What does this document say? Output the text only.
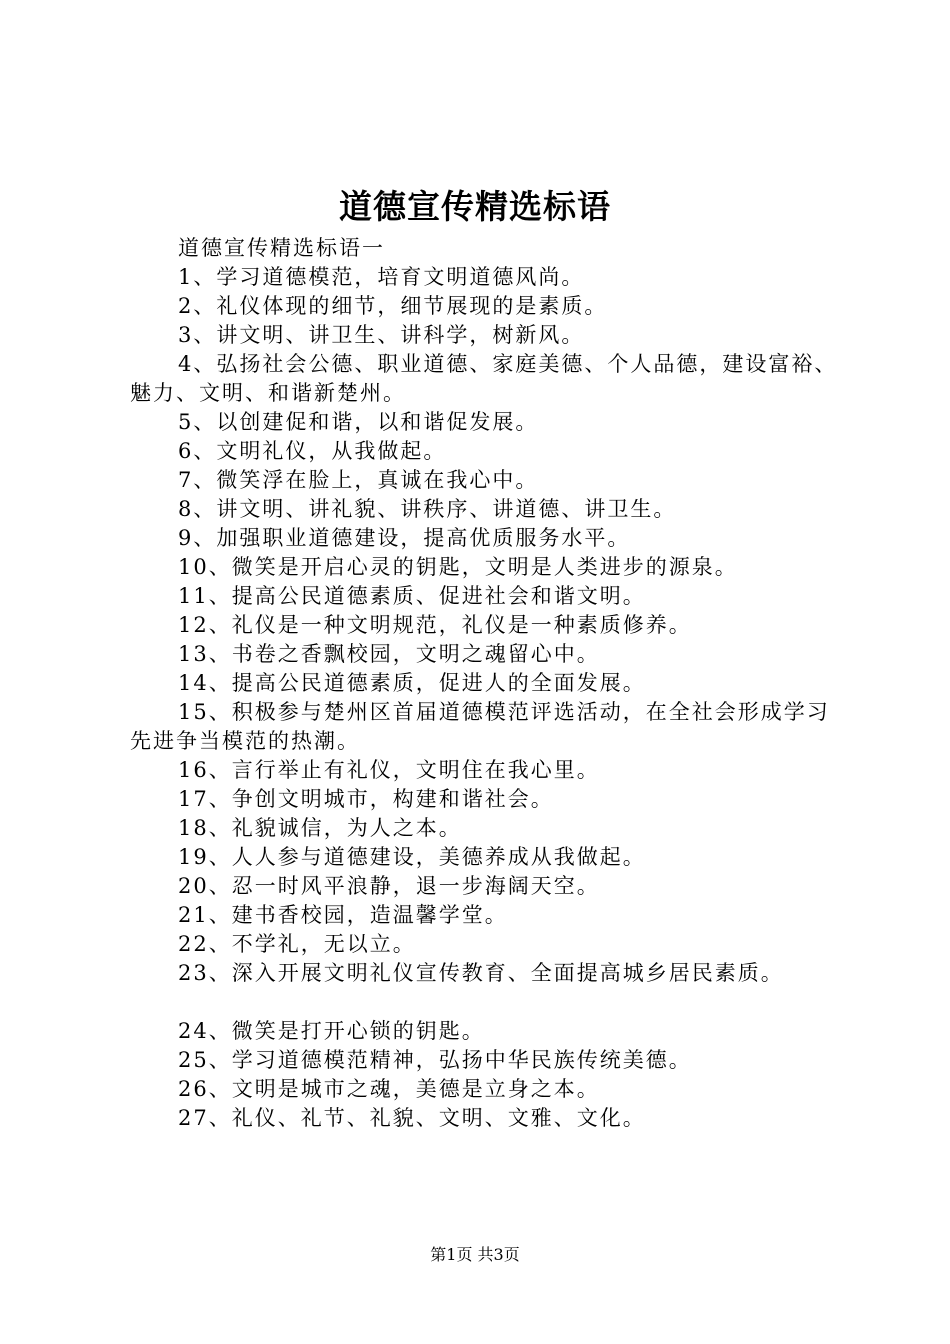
道德宣传精选标语

道德宣传精选标语一

1、学习道德模范，培育文明道德风尚。

2、礼仪体现的细节，细节展现的是素质。

3、讲文明、讲卫生、讲科学，树新风。

4、弘扬社会公德、职业道德、家庭美德、个人品德，建设富裕、魅力、文明、和谐新楚州。

5、以创建促和谐，以和谐促发展。

6、文明礼仪，从我做起。

7、微笑浮在脸上，真诚在我心中。

8、讲文明、讲礼貌、讲秩序、讲道德、讲卫生。

9、加强职业道德建设，提高优质服务水平。

10、微笑是开启心灵的钥匙，文明是人类进步的源泉。

11、提高公民道德素质、促进社会和谐文明。

12、礼仪是一种文明规范，礼仪是一种素质修养。

13、书卷之香飘校园，文明之魂留心中。

14、提高公民道德素质，促进人的全面发展。

15、积极参与楚州区首届道德模范评选活动，在全社会形成学习先进争当模范的热潮。

16、言行举止有礼仪，文明住在我心里。

17、争创文明城市，构建和谐社会。

18、礼貌诚信，为人之本。

19、人人参与道德建设，美德养成从我做起。

20、忍一时风平浪静，退一步海阔天空。

21、建书香校园，造温馨学堂。

22、不学礼，无以立。

23、深入开展文明礼仪宣传教育、全面提高城乡居民素质。

24、微笑是打开心锁的钥匙。

25、学习道德模范精神，弘扬中华民族传统美德。

26、文明是城市之魂，美德是立身之本。

27、礼仪、礼节、礼貌、文明、文雅、文化。

第1页 共3页
